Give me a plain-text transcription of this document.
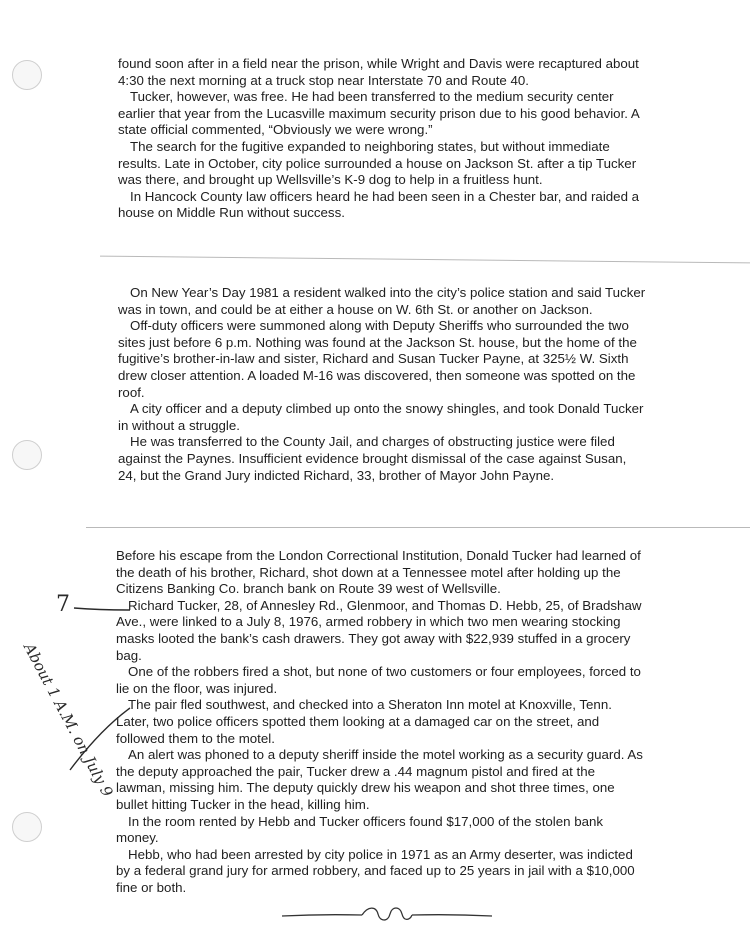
found soon after in a field near the prison, while Wright and Davis were recaptured about 4:30 the next morning at a truck stop near Interstate 70 and Route 40.

Tucker, however, was free. He had been transferred to the medium security center earlier that year from the Lucasville maximum security prison due to his good behavior. A state official commented, “Obviously we were wrong.”

The search for the fugitive expanded to neighboring states, but without immediate results. Late in October, city police surrounded a house on Jackson St. after a tip Tucker was there, and brought up Wellsville’s K-9 dog to help in a fruitless hunt.

In Hancock County law officers heard he had been seen in a Chester bar, and raided a house on Middle Run without success.

On New Year’s Day 1981 a resident walked into the city’s police station and said Tucker was in town, and could be at either a house on W. 6th St. or another on Jackson.

Off-duty officers were summoned along with Deputy Sheriffs who surrounded the two sites just before 6 p.m. Nothing was found at the Jackson St. house, but the home of the fugitive’s brother-in-law and sister, Richard and Susan Tucker Payne, at 325½ W. Sixth drew closer attention. A loaded M-16 was discovered, then someone was spotted on the roof.

A city officer and a deputy climbed up onto the snowy shingles, and took Donald Tucker in without a struggle.

He was transferred to the County Jail, and charges of obstructing justice were filed against the Paynes. Insufficient evidence brought dismissal of the case against Susan, 24, but the Grand Jury indicted Richard, 33, brother of Mayor John Payne.

Before his escape from the London Correctional Institution, Donald Tucker had learned of the death of his brother, Richard, shot down at a Tennessee motel after holding up the Citizens Banking Co. branch bank on Route 39 west of Wellsville.

Richard Tucker, 28, of Annesley Rd., Glenmoor, and Thomas D. Hebb, 25, of Bradshaw Ave., were linked to a July 8, 1976, armed robbery in which two men wearing stocking masks looted the bank’s cash drawers. They got away with $22,939 stuffed in a grocery bag.

One of the robbers fired a shot, but none of two customers or four employees, forced to lie on the floor, was injured.

The pair fled southwest, and checked into a Sheraton Inn motel at Knoxville, Tenn. Later, two police officers spotted them looking at a damaged car on the street, and followed them to the motel.

An alert was phoned to a deputy sheriff inside the motel working as a security guard. As the deputy approached the pair, Tucker drew a .44 magnum pistol and fired at the lawman, missing him. The deputy quickly drew his weapon and shot three times, one bullet hitting Tucker in the head, killing him.

In the room rented by Hebb and Tucker officers found $17,000 of the stolen bank money.

Hebb, who had been arrested by city police in 1971 as an Army deserter, was indicted by a federal grand jury for armed robbery, and faced up to 25 years in jail with a $10,000 fine or both.

7
About 1 A.M. on July 9
